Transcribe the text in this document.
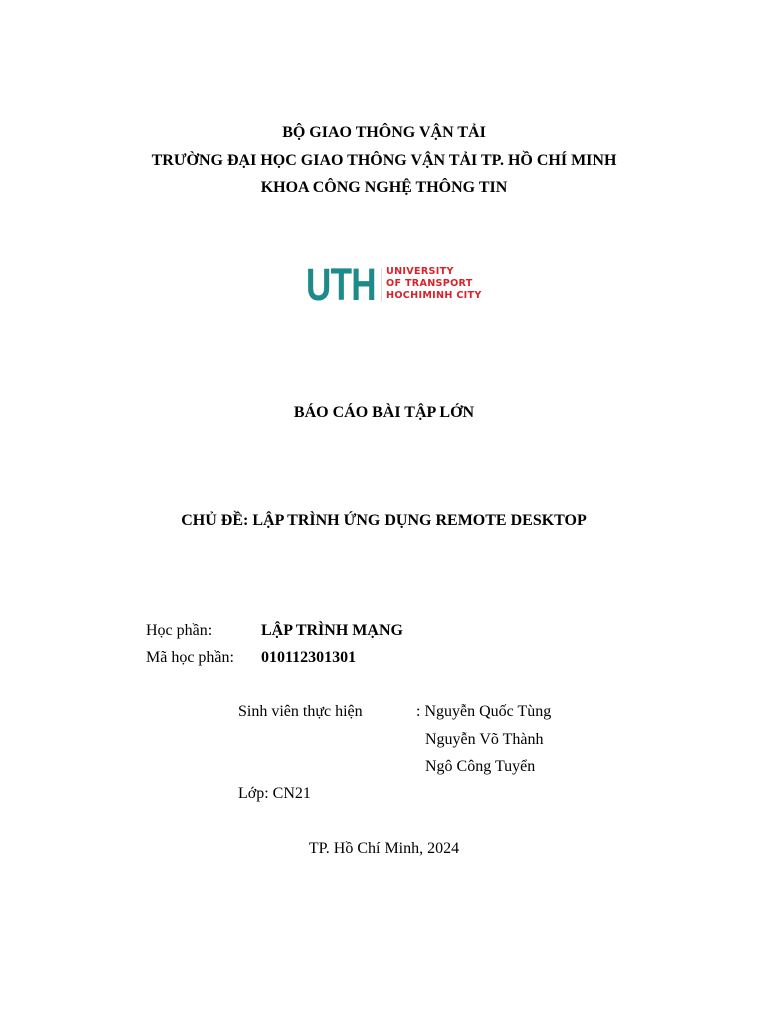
BỘ GIAO THÔNG VẬN TẢI
TRƯỜNG ĐẠI HỌC GIAO THÔNG VẬN TẢI TP. HỒ CHÍ MINH
KHOA CÔNG NGHỆ THÔNG TIN
UTH UNIVERSITY
OF TRANSPORT
HOCHIMINH CITY
BÁO CÁO BÀI TẬP LỚN
CHỦ ĐỀ: LẬP TRÌNH ỨNG DỤNG REMOTE DESKTOP
Học phần:	LẬP TRÌNH MẠNG
Mã học phần: 010112301301
Sinh viên thực hiện	: Nguyễn Quốc Tùng
Nguyễn Võ Thành
Ngô Công Tuyển
Lớp: CN21
TP. Hồ Chí Minh, 2024
